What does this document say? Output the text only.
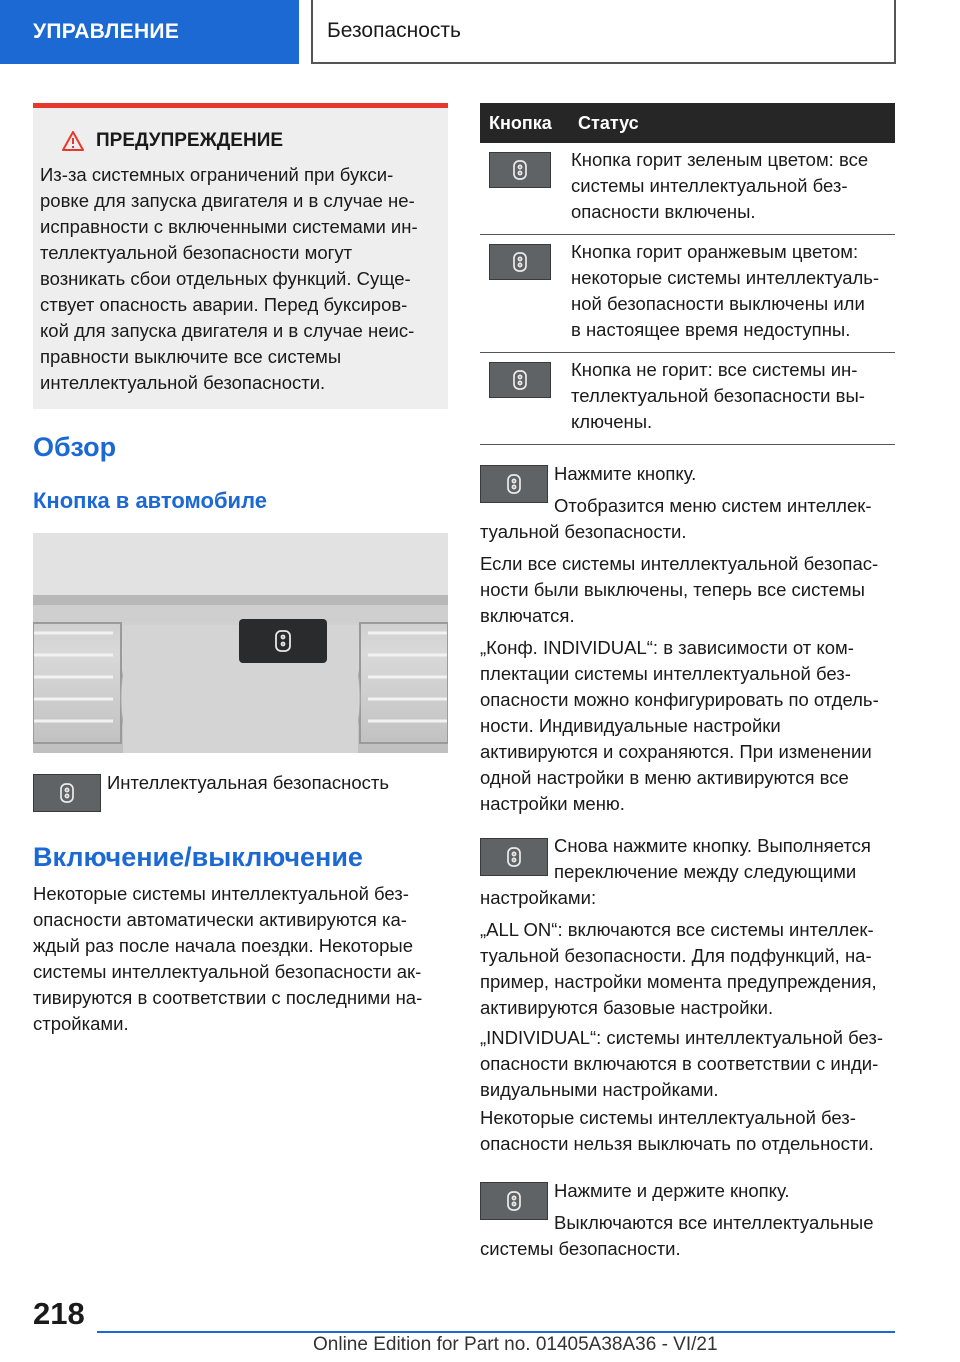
УПРАВЛЕНИЕ	Безопасность
ПРЕДУПРЕЖДЕНИЕ
Из-за системных ограничений при букси-
ровке для запуска двигателя и в случае не-
исправности с включенными системами ин-
теллектуальной безопасности могут
возникать сбои отдельных функций. Суще-
ствует опасность аварии. Перед буксиров-
кой для запуска двигателя и в случае неис-
правности выключите все системы
интеллектуальной безопасности.
Обзор
Кнопка в автомобиле
Интеллектуальная безопасность
Включение/выключение
Некоторые системы интеллектуальной без-
опасности автоматически активируются ка-
ждый раз после начала поездки. Некоторые
системы интеллектуальной безопасности ак-
тивируются в соответствии с последними на-
стройками.
Кнопка	Статус

Кнопка горит зеленым цветом: все
системы интеллектуальной без-
опасности включены.

Кнопка горит оранжевым цветом:
некоторые системы интеллектуаль-
ной безопасности выключены или
в настоящее время недоступны.

Кнопка не горит: все системы ин-
теллектуальной безопасности вы-
ключены.
Нажмите кнопку.
Отобразится меню систем интеллек-
туальной безопасности.
Если все системы интеллектуальной безопас-
ности были выключены, теперь все системы
включатся.
„Конф. INDIVIDUAL“: в зависимости от ком-
плектации системы интеллектуальной без-
опасности можно конфигурировать по отдель-
ности. Индивидуальные настройки
активируются и сохраняются. При изменении
одной настройки в меню активируются все
настройки меню.
Снова нажмите кнопку. Выполняется
переключение между следующими
настройками:
„ALL ON“: включаются все системы интеллек-
туальной безопасности. Для подфункций, на-
пример, настройки момента предупреждения,
активируются базовые настройки.
„INDIVIDUAL“: системы интеллектуальной без-
опасности включаются в соответствии с инди-
видуальными настройками.
Некоторые системы интеллектуальной без-
опасности нельзя выключать по отдельности.
Нажмите и держите кнопку.
Выключаются все интеллектуальные
системы безопасности.
218
Online Edition for Part no. 01405A38A36 - VI/21
